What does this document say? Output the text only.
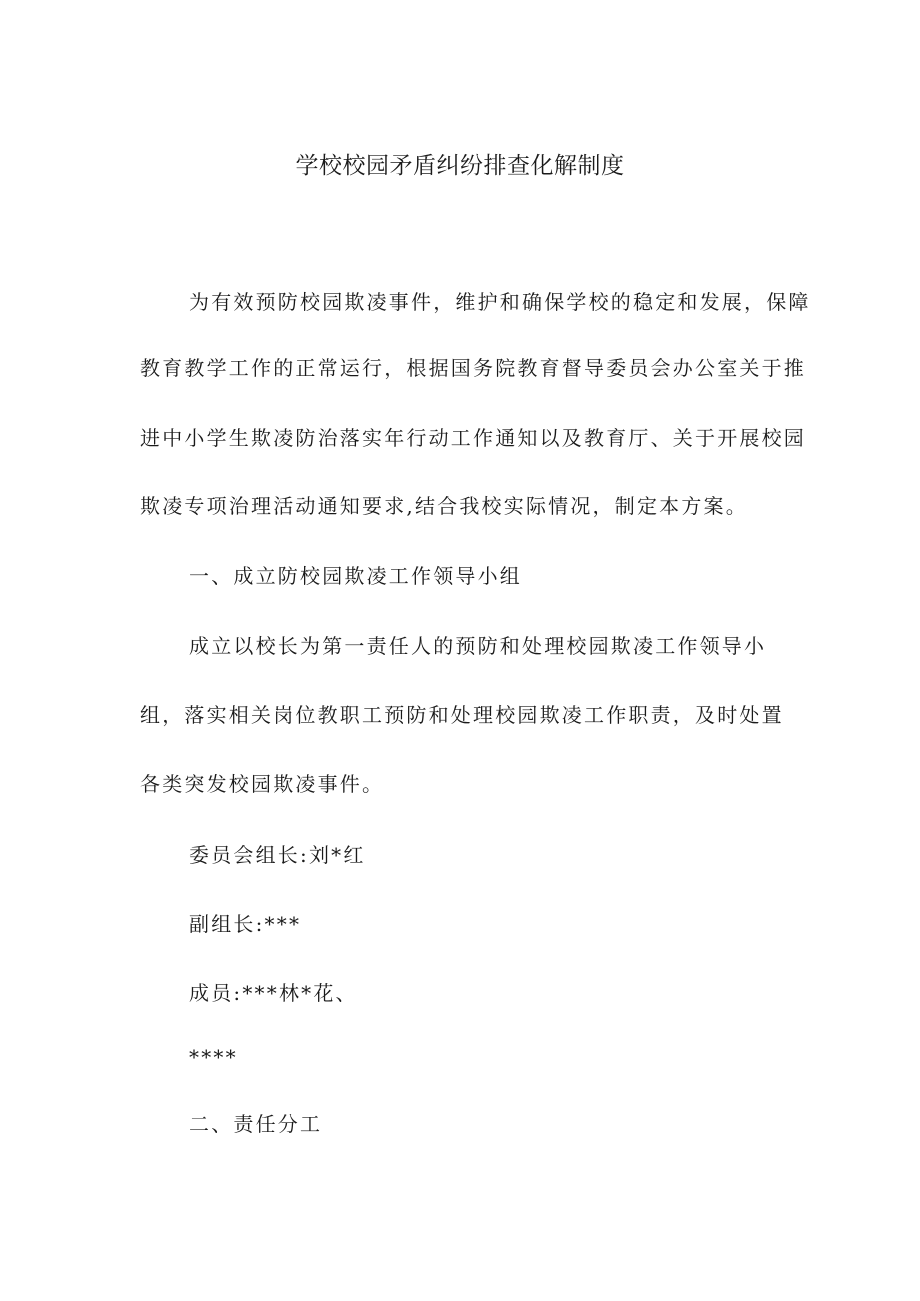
学校校园矛盾纠纷排查化解制度
为有效预防校园欺凌事件，维护和确保学校的稳定和发展，保障
教育教学工作的正常运行，根据国务院教育督导委员会办公室关于推
进中小学生欺凌防治落实年行动工作通知以及教育厅、关于开展校园
欺凌专项治理活动通知要求,结合我校实际情况，制定本方案。
一、成立防校园欺凌工作领导小组
成立以校长为第一责任人的预防和处理校园欺凌工作领导小
组，落实相关岗位教职工预防和处理校园欺凌工作职责，及时处置
各类突发校园欺凌事件。
委员会组长:刘*红
副组长:***
成员:***林*花、
****
二、责任分工
